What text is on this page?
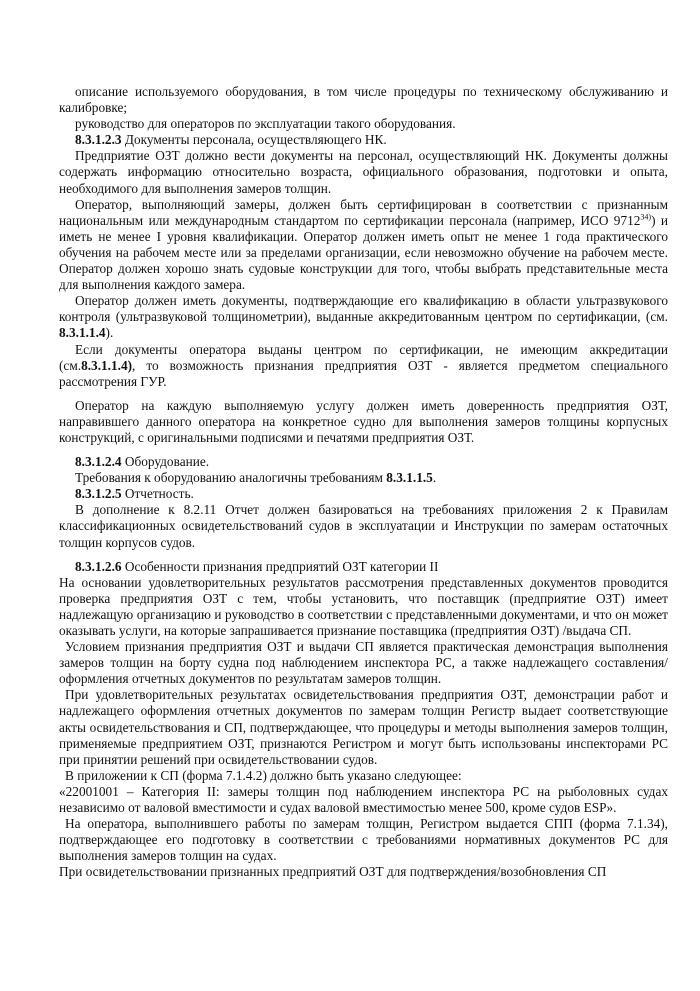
описание используемого оборудования, в том числе процедуры по техническому обслуживанию и калибровке;

руководство для операторов по эксплуатации такого оборудования.

8.3.1.2.3 Документы персонала, осуществляющего НК.

Предприятие ОЗТ должно вести документы на персонал, осуществляющий НК. Документы должны содержать информацию относительно возраста, официального образования, подготовки и опыта, необходимого для выполнения замеров толщин.

Оператор, выполняющий замеры, должен быть сертифицирован в соответствии с признанным национальным или международным стандартом по сертификации персонала (например, ИСО 9712$^{34)}$) и иметь не менее I уровня квалификации. Оператор должен иметь опыт не менее 1 года практического обучения на рабочем месте или за пределами организации, если невозможно обучение на рабочем месте. Оператор должен хорошо знать судовые конструкции для того, чтобы выбрать представительные места для выполнения каждого замера.

Оператор должен иметь документы, подтверждающие его квалификацию в области ультразвукового контроля (ультразвуковой толщинометрии), выданные аккредитованным центром по сертификации, (см. 8.3.1.1.4).

Если документы оператора выданы центром по сертификации, не имеющим аккредитации (см.8.3.1.1.4), то возможность признания предприятия ОЗТ - является предметом специального рассмотрения ГУР.

Оператор на каждую выполняемую услугу должен иметь доверенность предприятия ОЗТ, направившего данного оператора на конкретное судно для выполнения замеров толщины корпусных конструкций, с оригинальными подписями и печатями предприятия ОЗТ.

8.3.1.2.4 Оборудование.

Требования к оборудованию аналогичны требованиям 8.3.1.1.5.

8.3.1.2.5 Отчетность.

В дополнение к 8.2.11 Отчет должен базироваться на требованиях приложения 2 к Правилам классификационных освидетельствований судов в эксплуатации и Инструкции по замерам остаточных толщин корпусов судов.

8.3.1.2.6 Особенности признания предприятий ОЗТ категории II

На основании удовлетворительных результатов рассмотрения представленных документов проводится проверка предприятия ОЗТ с тем, чтобы установить, что поставщик (предприятие ОЗТ) имеет надлежащую организацию и руководство в соответствии с представленными документами, и что он может оказывать услуги, на которые запрашивается признание поставщика (предприятия ОЗТ) /выдача СП.

Условием признания предприятия ОЗТ и выдачи СП является практическая демонстрация выполнения замеров толщин на борту судна под наблюдением инспектора РС, а также надлежащего составления/оформления отчетных документов по результатам замеров толщин.

При удовлетворительных результатах освидетельствования предприятия ОЗТ, демонстрации работ и надлежащего оформления отчетных документов по замерам толщин Регистр выдает соответствующие акты освидетельствования и СП, подтверждающее, что процедуры и методы выполнения замеров толщин, применяемые предприятием ОЗТ, признаются Регистром и могут быть использованы инспекторами РС при принятии решений при освидетельствовании судов.

В приложении к СП (форма 7.1.4.2) должно быть указано следующее:

«22001001 – Категория II: замеры толщин под наблюдением инспектора РС на рыболовных судах независимо от валовой вместимости и судах валовой вместимостью менее 500, кроме судов ESP».

На оператора, выполнившего работы по замерам толщин, Регистром выдается СПП (форма 7.1.34), подтверждающее его подготовку в соответствии с требованиями нормативных документов РС для выполнения замеров толщин на судах.

При освидетельствовании признанных предприятий ОЗТ для подтверждения/возобновления СП
